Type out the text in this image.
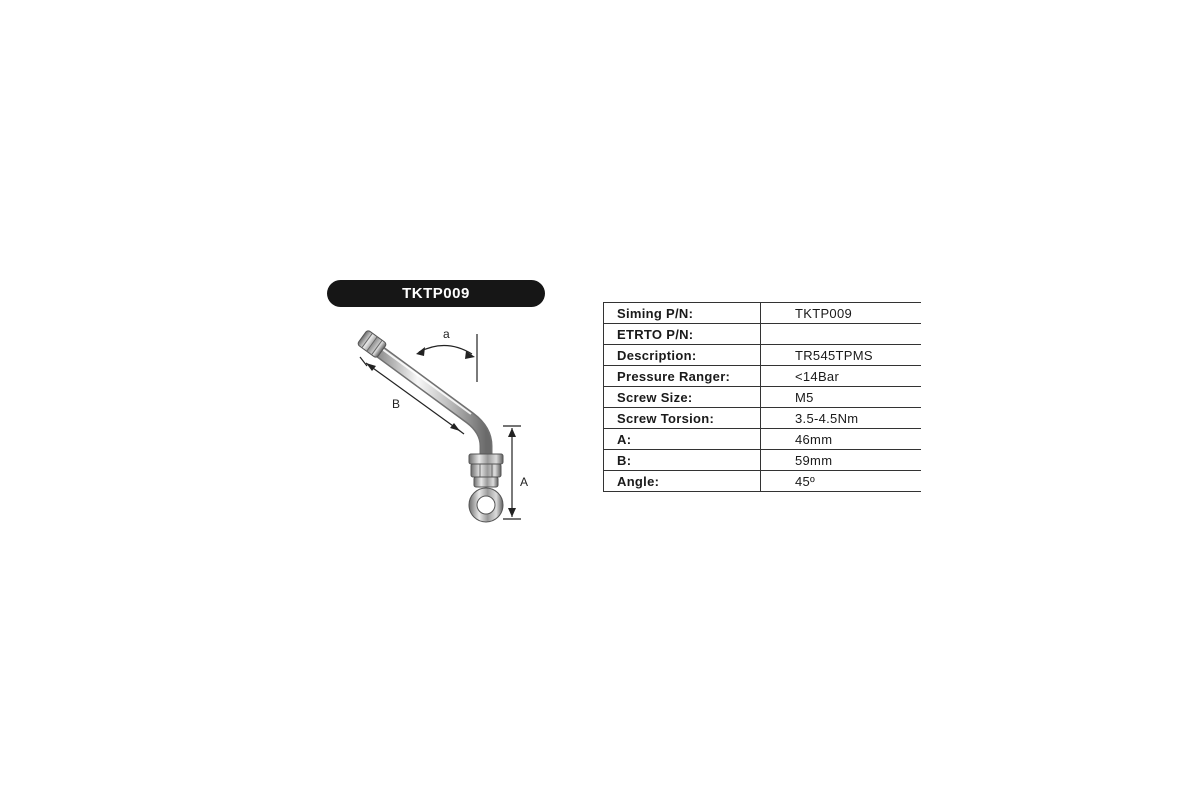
TKTP009
a
B
A
Siming P/N:	TKTP009
ETRTO P/N:	
Description:	TR545TPMS
Pressure Ranger:	<14Bar
Screw Size:	M5
Screw Torsion:	3.5-4.5Nm
A:	46mm
B:	59mm
Angle:	45º
